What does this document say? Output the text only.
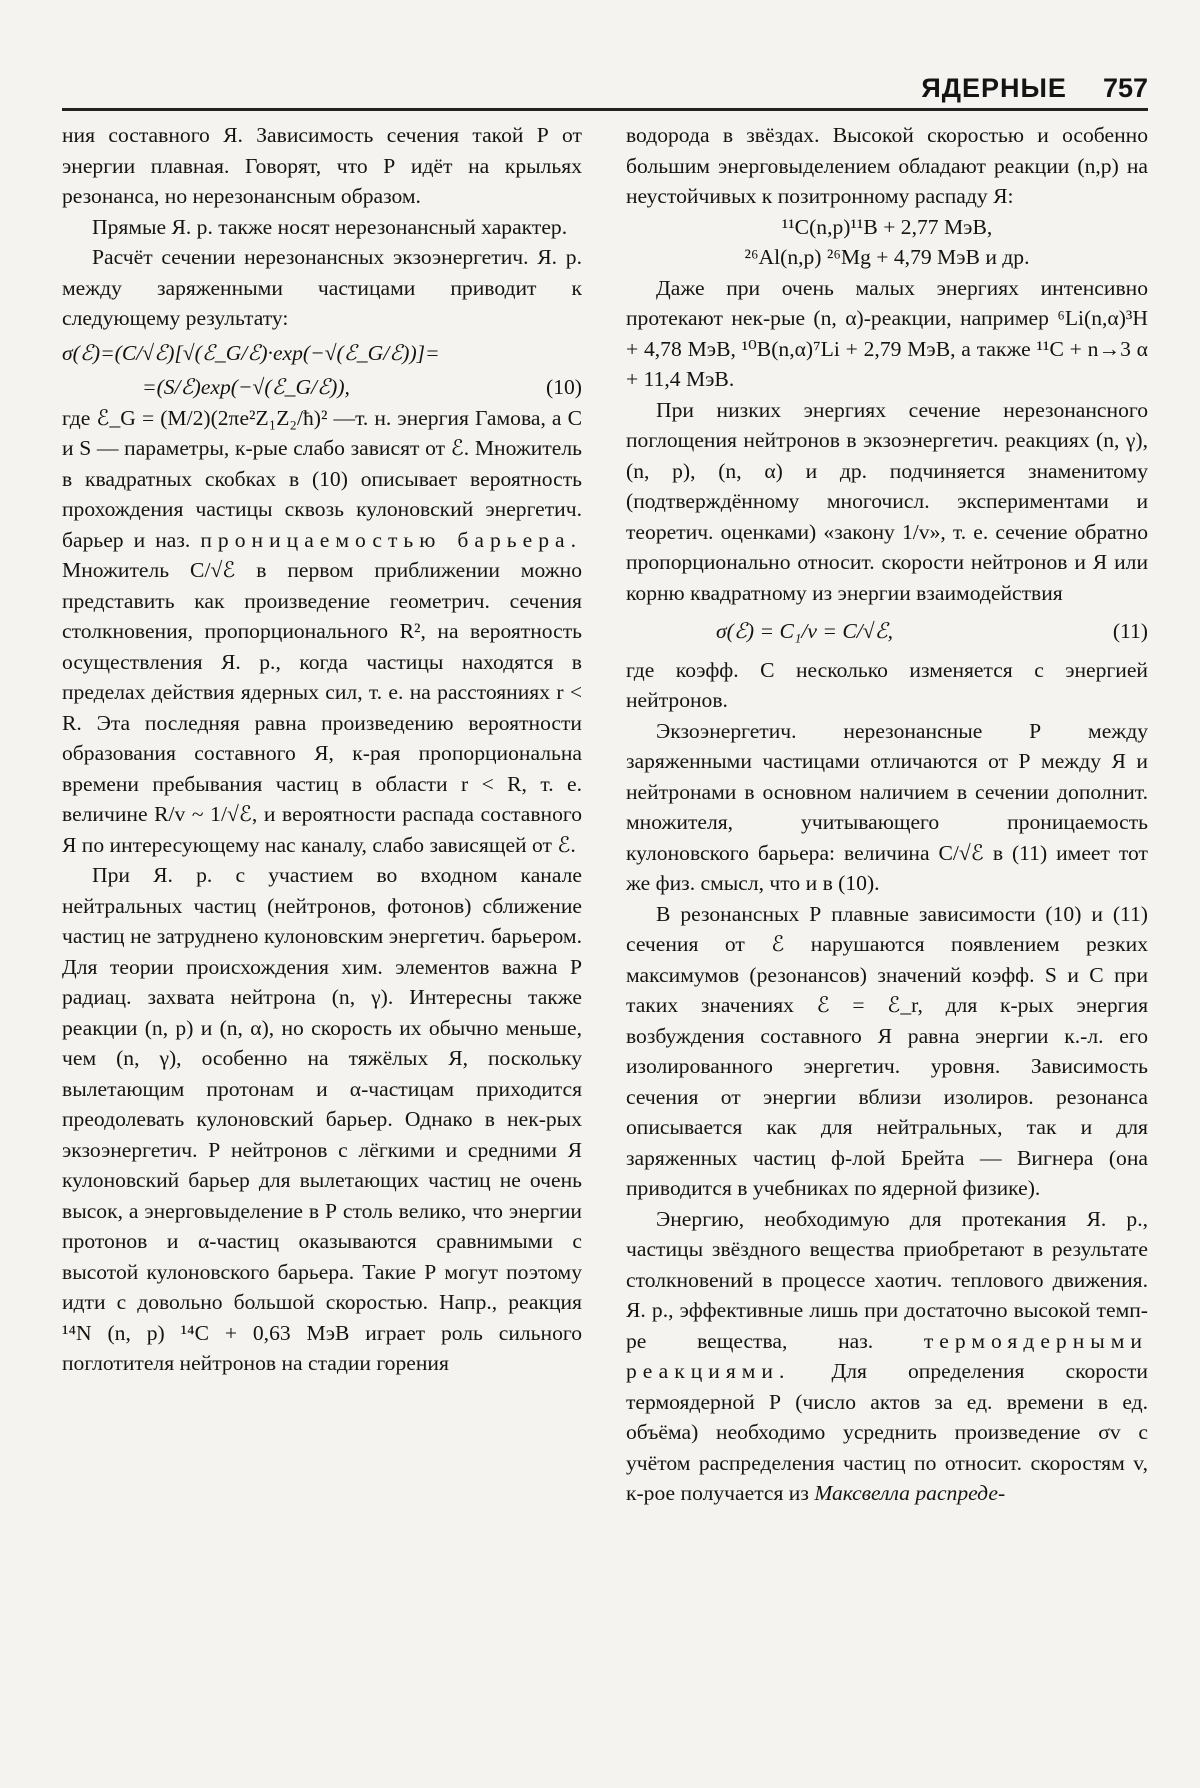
ЯДЕРНЫЕ 757

ния составного Я. Зависимость сечения такой Р от энергии плавная. Говорят, что Р идёт на крыльях резонанса, но нерезонансным образом.

Прямые Я. р. также носят нерезонансный характер.

Расчёт сечении нерезонансных экзоэнергетич. Я. р. между заряженными частицами приводит к следующему результату:

σ(ℰ)=(C/√ℰ)[√(ℰ_G/ℰ)·exp(−√(ℰ_G/ℰ))]=
=(S/ℰ)exp(−√(ℰ_G/ℰ)),	(10)

где ℰ_G = (M/2)(2πe²Z₁Z₂/ħ)² —т. н. энергия Гамова, а C и S — параметры, к-рые слабо зависят от ℰ. Множитель в квадратных скобках в (10) описывает вероятность прохождения частицы сквозь кулоновский энергетич. барьер и наз. проницаемостью барьера. Множитель C/√ℰ в первом приближении можно представить как произведение геометрич. сечения столкновения, пропорционального R², на вероятность осуществления Я. р., когда частицы находятся в пределах действия ядерных сил, т. е. на расстояниях r < R. Эта последняя равна произведению вероятности образования составного Я, к-рая пропорциональна времени пребывания частиц в области r < R, т. е. величине R/v ~ 1/√ℰ, и вероятности распада составного Я по интересующему нас каналу, слабо зависящей от ℰ.

При Я. р. с участием во входном канале нейтральных частиц (нейтронов, фотонов) сближение частиц не затруднено кулоновским энергетич. барьером. Для теории происхождения хим. элементов важна Р радиац. захвата нейтрона (n, γ). Интересны также реакции (n, p) и (n, α), но скорость их обычно меньше, чем (n, γ), особенно на тяжёлых Я, поскольку вылетающим протонам и α-частицам приходится преодолевать кулоновский барьер. Однако в нек-рых экзоэнергетич. Р нейтронов с лёгкими и средними Я кулоновский барьер для вылетающих частиц не очень высок, а энерговыделение в Р столь велико, что энергии протонов и α-частиц оказываются сравнимыми с высотой кулоновского барьера. Такие Р могут поэтому идти с довольно большой скоростью. Напр., реакция ¹⁴N (n, p) ¹⁴C + 0,63 МэВ играет роль сильного поглотителя нейтронов на стадии горения

водорода в звёздах. Высокой скоростью и особенно большим энерговыделением обладают реакции (n,p) на неустойчивых к позитронному распаду Я:

¹¹C(n,p)¹¹B + 2,77 МэВ,

²⁶Al(n,p) ²⁶Mg + 4,79 МэВ и др.

Даже при очень малых энергиях интенсивно протекают нек-рые (n, α)-реакции, например ⁶Li(n,α)³H + 4,78 МэВ, ¹⁰B(n,α)⁷Li + 2,79 МэВ, а также ¹¹C + n→3 α + 11,4 МэВ.

При низких энергиях сечение нерезонансного поглощения нейтронов в экзоэнергетич. реакциях (n, γ), (n, p), (n, α) и др. подчиняется знаменитому (подтверждённому многочисл. экспериментами и теоретич. оценками) «закону 1/v», т. е. сечение обратно пропорционально относит. скорости нейтронов и Я или корню квадратному из энергии взаимодействия

σ(ℰ) = C₁/v = C/√ℰ,	(11)

где коэфф. C несколько изменяется с энергией нейтронов.

Экзоэнергетич. нерезонансные Р между заряженными частицами отличаются от Р между Я и нейтронами в основном наличием в сечении дополнит. множителя, учитывающего проницаемость кулоновского барьера: величина C/√ℰ в (11) имеет тот же физ. смысл, что и в (10).

В резонансных Р плавные зависимости (10) и (11) сечения от ℰ нарушаются появлением резких максимумов (резонансов) значений коэфф. S и C при таких значениях ℰ = ℰ_r, для к-рых энергия возбуждения составного Я равна энергии к.-л. его изолированного энергетич. уровня. Зависимость сечения от энергии вблизи изолиров. резонанса описывается как для нейтральных, так и для заряженных частиц ф-лой Брейта — Вигнера (она приводится в учебниках по ядерной физике).

Энергию, необходимую для протекания Я. р., частицы звёздного вещества приобретают в результате столкновений в процессе хаотич. теплового движения. Я. р., эффективные лишь при достаточно высокой темп-ре вещества, наз. термоядерными реакциями. Для определения скорости термоядерной Р (число актов за ед. времени в ед. объёма) необходимо усреднить произведение σv с учётом распределения частиц по относит. скоростям v, к-рое получается из Максвелла распреде-
